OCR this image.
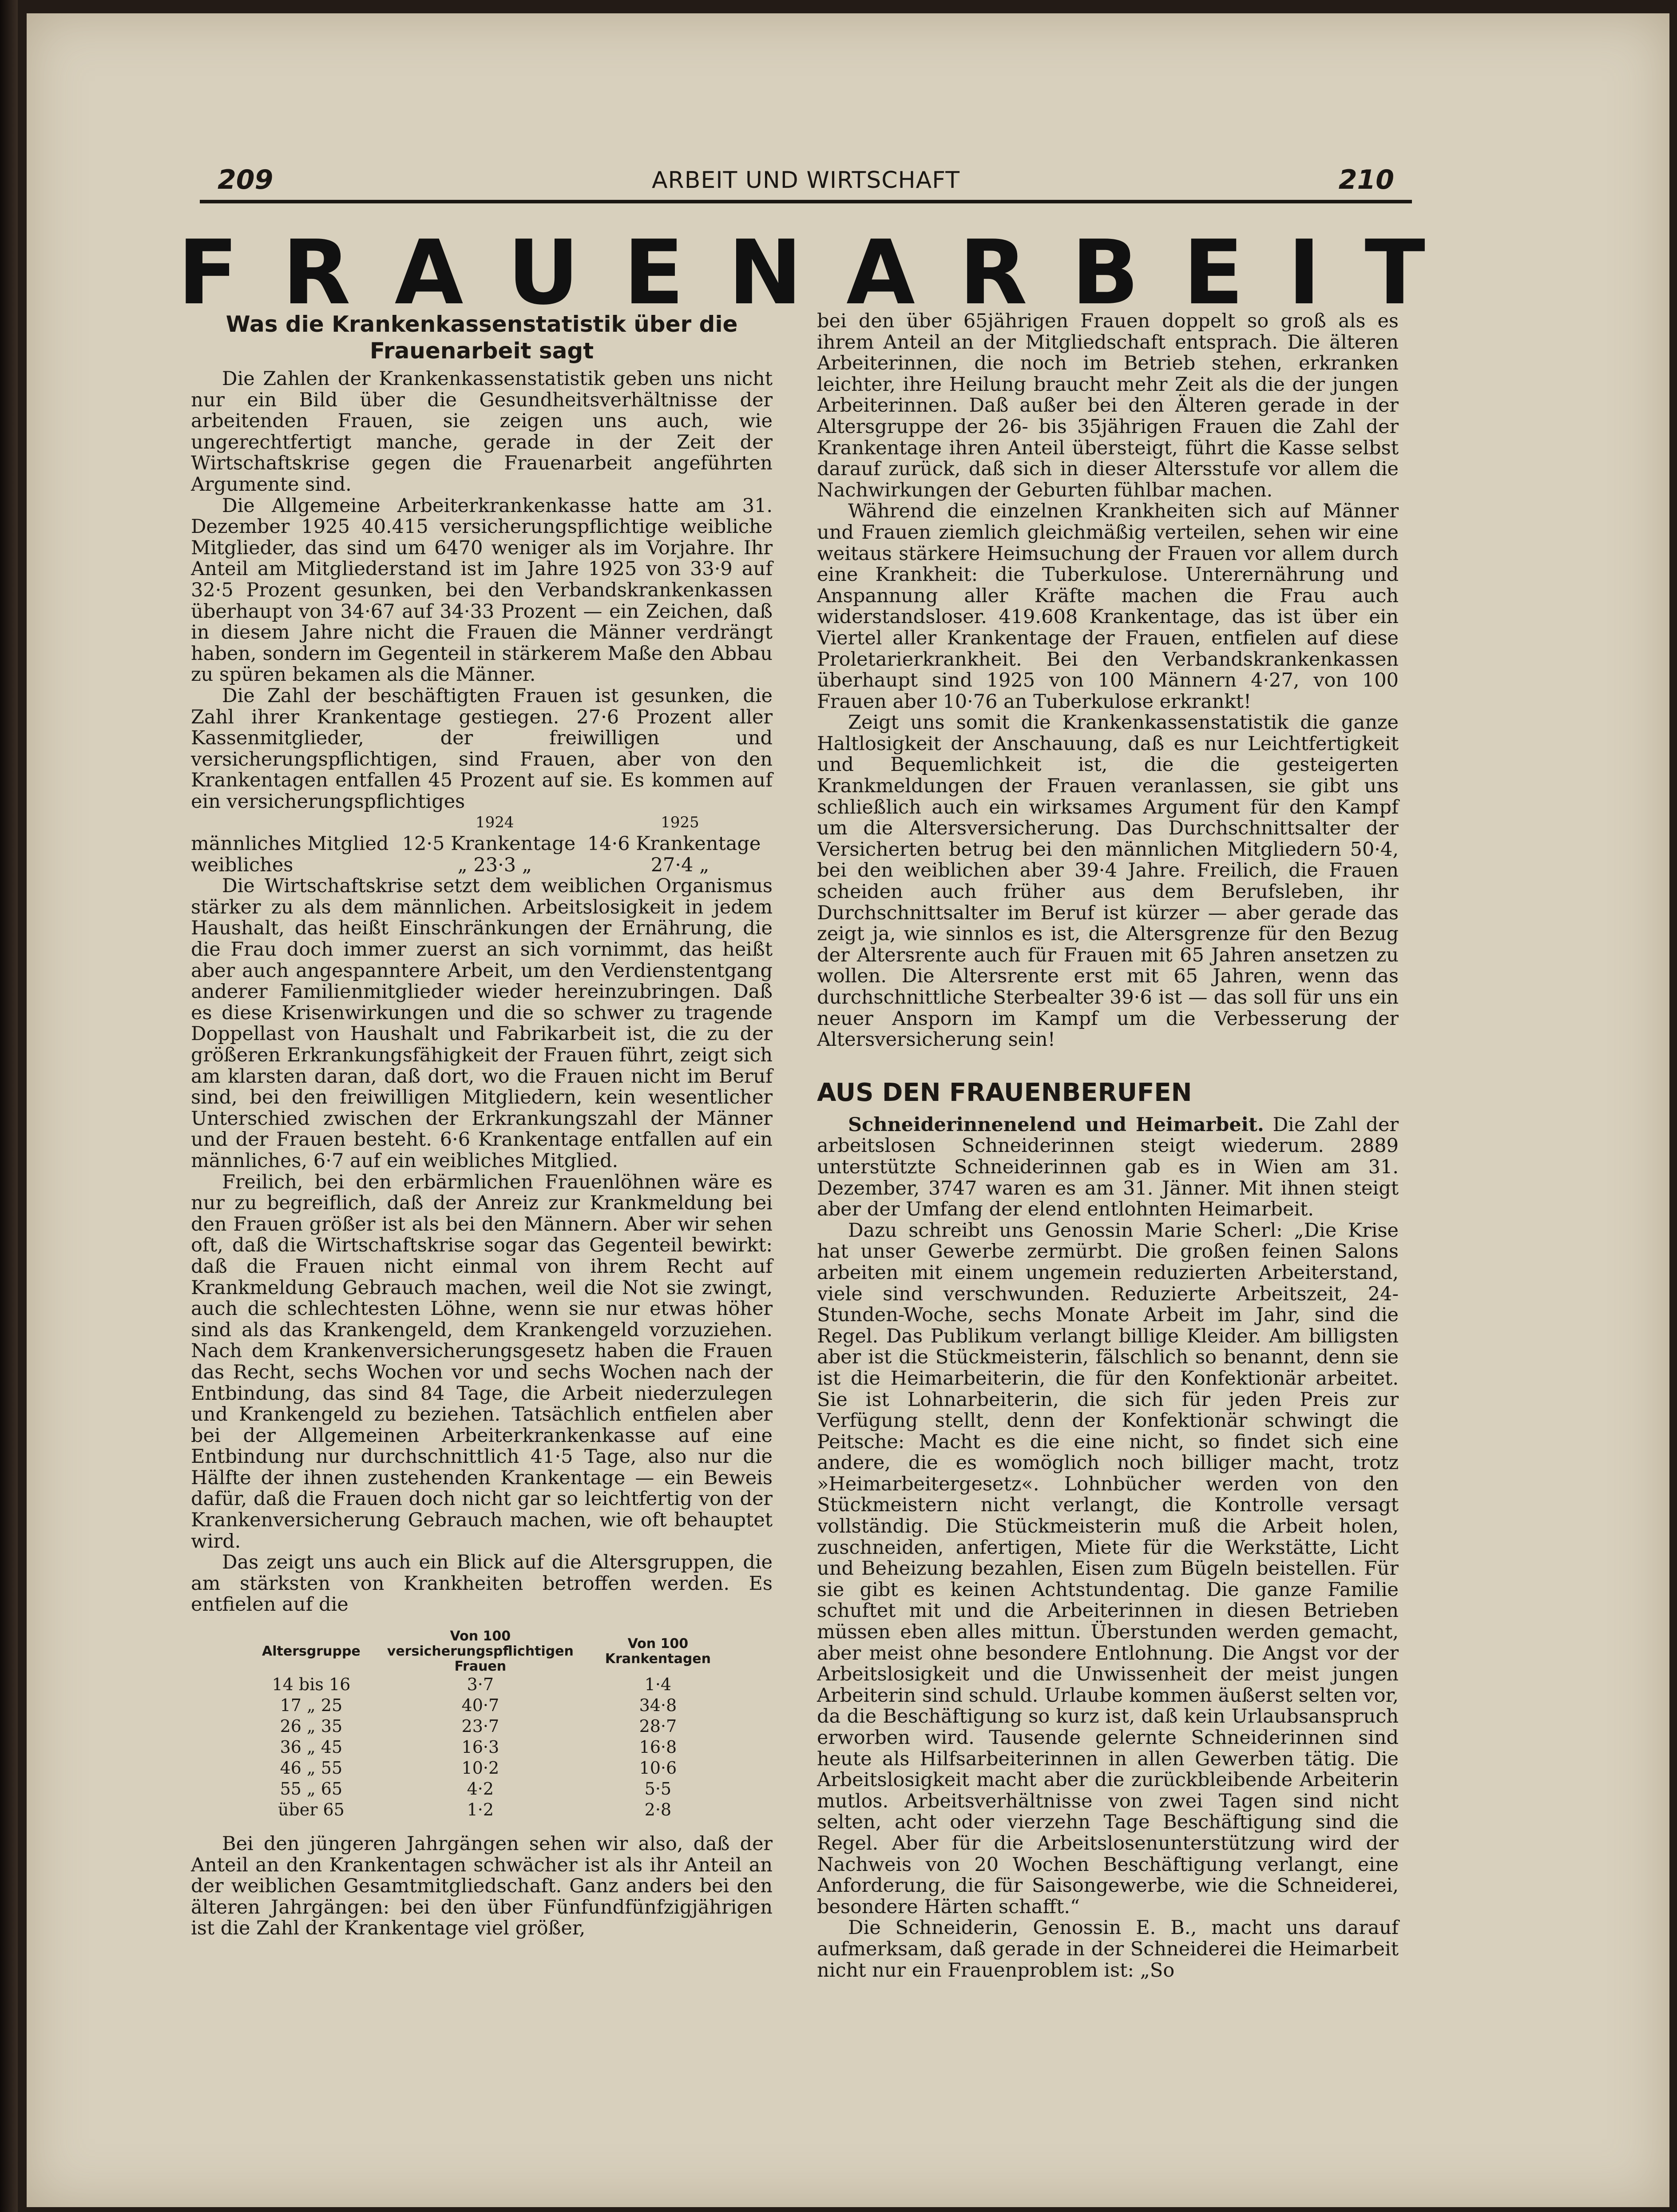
209	ARBEIT UND WIRTSCHAFT	210
F R A U E N A R B E I T
Was die Krankenkassenstatistik über die Frauenarbeit sagt

Die Zahlen der Krankenkassenstatistik geben uns nicht nur ein Bild über die Gesundheitsverhältnisse der arbeitenden Frauen, sie zeigen uns auch, wie ungerechtfertigt manche, gerade in der Zeit der Wirtschaftskrise gegen die Frauenarbeit angeführten Argumente sind.

Die Allgemeine Arbeiterkrankenkasse hatte am 31. Dezember 1925 40.415 versicherungspflichtige weibliche Mitglieder, das sind um 6470 weniger als im Vorjahre. Ihr Anteil am Mitgliederstand ist im Jahre 1925 von 33·9 auf 32·5 Prozent gesunken, bei den Verbandskrankenkassen überhaupt von 34·67 auf 34·33 Prozent — ein Zeichen, daß in diesem Jahre nicht die Frauen die Männer verdrängt haben, sondern im Gegenteil in stärkerem Maße den Abbau zu spüren bekamen als die Männer.

Die Zahl der beschäftigten Frauen ist gesunken, die Zahl ihrer Krankentage gestiegen. 27·6 Prozent aller Kassenmitglieder, der freiwilligen und versicherungspflichtigen, sind Frauen, aber von den Krankentagen entfallen 45 Prozent auf sie. Es kommen auf ein versicherungspflichtiges

	1924	1925
männliches Mitglied	12·5 Krankentage	14·6 Krankentage
weibliches	„ 23·3 „	27·4 „

Die Wirtschaftskrise setzt dem weiblichen Organismus stärker zu als dem männlichen. Arbeitslosigkeit in jedem Haushalt, das heißt Einschränkungen der Ernährung, die die Frau doch immer zuerst an sich vornimmt, das heißt aber auch angespanntere Arbeit, um den Verdienstentgang anderer Familienmitglieder wieder hereinzubringen. Daß es diese Krisenwirkungen und die so schwer zu tragende Doppellast von Haushalt und Fabrikarbeit ist, die zu der größeren Erkrankungsfähigkeit der Frauen führt, zeigt sich am klarsten daran, daß dort, wo die Frauen nicht im Beruf sind, bei den freiwilligen Mitgliedern, kein wesentlicher Unterschied zwischen der Erkrankungszahl der Männer und der Frauen besteht. 6·6 Krankentage entfallen auf ein männliches, 6·7 auf ein weibliches Mitglied.

Freilich, bei den erbärmlichen Frauenlöhnen wäre es nur zu begreiflich, daß der Anreiz zur Krankmeldung bei den Frauen größer ist als bei den Männern. Aber wir sehen oft, daß die Wirtschaftskrise sogar das Gegenteil bewirkt: daß die Frauen nicht einmal von ihrem Recht auf Krankmeldung Gebrauch machen, weil die Not sie zwingt, auch die schlechtesten Löhne, wenn sie nur etwas höher sind als das Krankengeld, dem Krankengeld vorzuziehen. Nach dem Krankenversicherungsgesetz haben die Frauen das Recht, sechs Wochen vor und sechs Wochen nach der Entbindung, das sind 84 Tage, die Arbeit niederzulegen und Krankengeld zu beziehen. Tatsächlich entfielen aber bei der Allgemeinen Arbeiterkrankenkasse auf eine Entbindung nur durchschnittlich 41·5 Tage, also nur die Hälfte der ihnen zustehenden Krankentage — ein Beweis dafür, daß die Frauen doch nicht gar so leichtfertig von der Krankenversicherung Gebrauch machen, wie oft behauptet wird.

Das zeigt uns auch ein Blick auf die Altersgruppen, die am stärksten von Krankheiten betroffen werden. Es entfielen auf die

Altersgruppe	Von 100 versicherungspflichtigen Frauen	Von 100 Krankentagen
14 bis 16	3·7	1·4
17 „ 25	40·7	34·8
26 „ 35	23·7	28·7
36 „ 45	16·3	16·8
46 „ 55	10·2	10·6
55 „ 65	4·2	5·5
über 65	1·2	2·8

Bei den jüngeren Jahrgängen sehen wir also, daß der Anteil an den Krankentagen schwächer ist als ihr Anteil an der weiblichen Gesamtmitgliedschaft. Ganz anders bei den älteren Jahrgängen: bei den über Fünfundfünfzigjährigen ist die Zahl der Krankentage viel größer,

bei den über 65jährigen Frauen doppelt so groß als es ihrem Anteil an der Mitgliedschaft entsprach. Die älteren Arbeiterinnen, die noch im Betrieb stehen, erkranken leichter, ihre Heilung braucht mehr Zeit als die der jungen Arbeiterinnen. Daß außer bei den Älteren gerade in der Altersgruppe der 26- bis 35jährigen Frauen die Zahl der Krankentage ihren Anteil übersteigt, führt die Kasse selbst darauf zurück, daß sich in dieser Altersstufe vor allem die Nachwirkungen der Geburten fühlbar machen.

Während die einzelnen Krankheiten sich auf Männer und Frauen ziemlich gleichmäßig verteilen, sehen wir eine weitaus stärkere Heimsuchung der Frauen vor allem durch eine Krankheit: die Tuberkulose. Unterernährung und Anspannung aller Kräfte machen die Frau auch widerstandsloser. 419.608 Krankentage, das ist über ein Viertel aller Krankentage der Frauen, entfielen auf diese Proletarierkrankheit. Bei den Verbandskrankenkassen überhaupt sind 1925 von 100 Männern 4·27, von 100 Frauen aber 10·76 an Tuberkulose erkrankt!

Zeigt uns somit die Krankenkassenstatistik die ganze Haltlosigkeit der Anschauung, daß es nur Leichtfertigkeit und Bequemlichkeit ist, die die gesteigerten Krankmeldungen der Frauen veranlassen, sie gibt uns schließlich auch ein wirksames Argument für den Kampf um die Altersversicherung. Das Durchschnittsalter der Versicherten betrug bei den männlichen Mitgliedern 50·4, bei den weiblichen aber 39·4 Jahre. Freilich, die Frauen scheiden auch früher aus dem Berufsleben, ihr Durchschnittsalter im Beruf ist kürzer — aber gerade das zeigt ja, wie sinnlos es ist, die Altersgrenze für den Bezug der Altersrente auch für Frauen mit 65 Jahren ansetzen zu wollen. Die Altersrente erst mit 65 Jahren, wenn das durchschnittliche Sterbealter 39·6 ist — das soll für uns ein neuer Ansporn im Kampf um die Verbesserung der Altersversicherung sein!

AUS DEN FRAUENBERUFEN

Schneiderinnenelend und Heimarbeit. Die Zahl der arbeitslosen Schneiderinnen steigt wiederum. 2889 unterstützte Schneiderinnen gab es in Wien am 31. Dezember, 3747 waren es am 31. Jänner. Mit ihnen steigt aber der Umfang der elend entlohnten Heimarbeit.

Dazu schreibt uns Genossin Marie Scherl: „Die Krise hat unser Gewerbe zermürbt. Die großen feinen Salons arbeiten mit einem ungemein reduzierten Arbeiterstand, viele sind verschwunden. Reduzierte Arbeitszeit, 24-Stunden-Woche, sechs Monate Arbeit im Jahr, sind die Regel. Das Publikum verlangt billige Kleider. Am billigsten aber ist die Stückmeisterin, fälschlich so benannt, denn sie ist die Heimarbeiterin, die für den Konfektionär arbeitet. Sie ist Lohnarbeiterin, die sich für jeden Preis zur Verfügung stellt, denn der Konfektionär schwingt die Peitsche: Macht es die eine nicht, so findet sich eine andere, die es womöglich noch billiger macht, trotz »Heimarbeitergesetz«. Lohnbücher werden von den Stückmeistern nicht verlangt, die Kontrolle versagt vollständig. Die Stückmeisterin muß die Arbeit holen, zuschneiden, anfertigen, Miete für die Werkstätte, Licht und Beheizung bezahlen, Eisen zum Bügeln beistellen. Für sie gibt es keinen Achtstundentag. Die ganze Familie schuftet mit und die Arbeiterinnen in diesen Betrieben müssen eben alles mittun. Überstunden werden gemacht, aber meist ohne besondere Entlohnung. Die Angst vor der Arbeitslosigkeit und die Unwissenheit der meist jungen Arbeiterin sind schuld. Urlaube kommen äußerst selten vor, da die Beschäftigung so kurz ist, daß kein Urlaubsanspruch erworben wird. Tausende gelernte Schneiderinnen sind heute als Hilfsarbeiterinnen in allen Gewerben tätig. Die Arbeitslosigkeit macht aber die zurückbleibende Arbeiterin mutlos. Arbeitsverhältnisse von zwei Tagen sind nicht selten, acht oder vierzehn Tage Beschäftigung sind die Regel. Aber für die Arbeitslosenunterstützung wird der Nachweis von 20 Wochen Beschäftigung verlangt, eine Anforderung, die für Saisongewerbe, wie die Schneiderei, besondere Härten schafft.“

Die Schneiderin, Genossin E. B., macht uns darauf aufmerksam, daß gerade in der Schneiderei die Heimarbeit nicht nur ein Frauenproblem ist: „So
